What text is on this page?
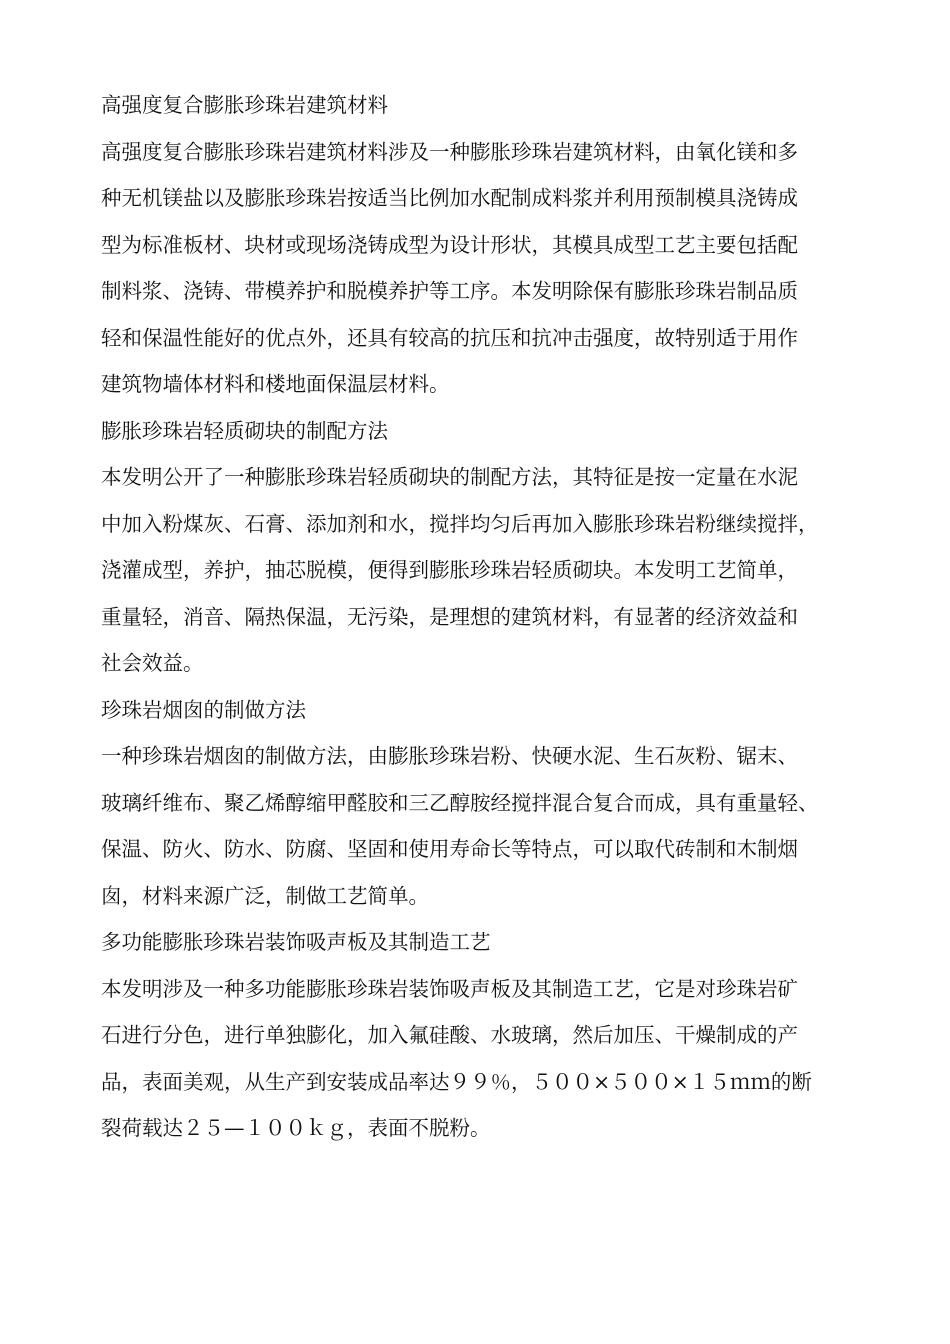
高强度复合膨胀珍珠岩建筑材料
高强度复合膨胀珍珠岩建筑材料涉及一种膨胀珍珠岩建筑材料，由氧化镁和多
种无机镁盐以及膨胀珍珠岩按适当比例加水配制成料浆并利用预制模具浇铸成
型为标准板材、块材或现场浇铸成型为设计形状，其模具成型工艺主要包括配
制料浆、浇铸、带模养护和脱模养护等工序。本发明除保有膨胀珍珠岩制品质
轻和保温性能好的优点外，还具有较高的抗压和抗冲击强度，故特别适于用作
建筑物墙体材料和楼地面保温层材料。
膨胀珍珠岩轻质砌块的制配方法
本发明公开了一种膨胀珍珠岩轻质砌块的制配方法，其特征是按一定量在水泥
中加入粉煤灰、石膏、添加剂和水，搅拌均匀后再加入膨胀珍珠岩粉继续搅拌，
浇灌成型，养护，抽芯脱模，便得到膨胀珍珠岩轻质砌块。本发明工艺简单，
重量轻，消音、隔热保温，无污染，是理想的建筑材料，有显著的经济效益和
社会效益。
珍珠岩烟囱的制做方法
一种珍珠岩烟囱的制做方法，由膨胀珍珠岩粉、快硬水泥、生石灰粉、锯末、
玻璃纤维布、聚乙烯醇缩甲醛胶和三乙醇胺经搅拌混合复合而成，具有重量轻、
保温、防火、防水、防腐、坚固和使用寿命长等特点，可以取代砖制和木制烟
囱，材料来源广泛，制做工艺简单。
多功能膨胀珍珠岩装饰吸声板及其制造工艺
本发明涉及一种多功能膨胀珍珠岩装饰吸声板及其制造工艺，它是对珍珠岩矿
石进行分色，进行单独膨化，加入氟硅酸、水玻璃，然后加压、干燥制成的产
品，表面美观，从生产到安装成品率达９９％，５００×５００×１５ｍｍ的断
裂荷载达２５—１００ｋｇ，表面不脱粉。
